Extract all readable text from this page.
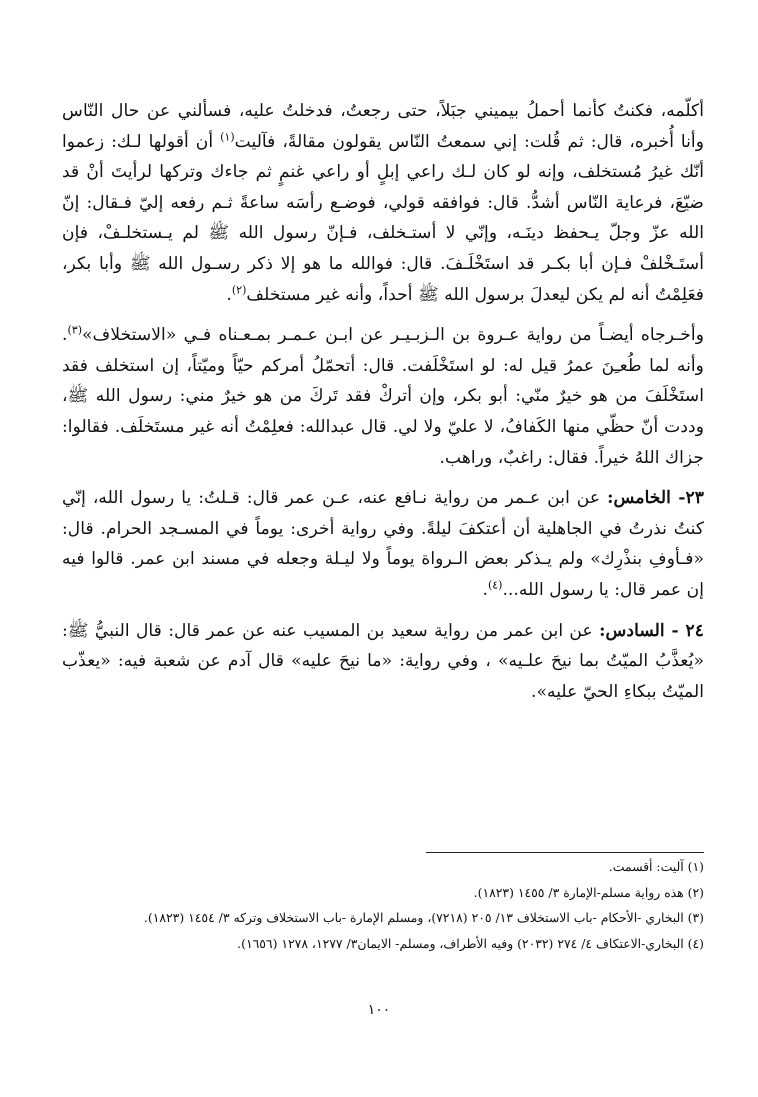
أكلّمه، فكنتُ كأنما أحملُ بيميني جبَلاً، حتى رجعتُ، فدخلتُ عليه، فسألني عن حال النّاس وأنا أُخبره، قال: ثم قُلت: إني سمعتُ النّاس يقولون مقالةً، فآليت$^{(١)}$ أن أقولها لـك: زعموا أنّك غيرُ مُستخلف، وإنه لو كان لـك راعي إبلٍ أو راعي غنمٍ ثم جاءك وتركها لرأيتَ أنْ قد ضيّعَ، فرعاية النّاس أشدُّ. قال: فوافقه قولي، فوضـع رأسَه ساعةً ثـم رفعه إليّ فـقال: إنّ الله عزّ وجلّ يـحفظ دينَـه، وإنّي لا أستـخلف، فـإنّ رسول الله ﷺ لم يـستخلـفْ، فإن أستَـخْلفْ فـإن أبا بكـر قد استَخْلَـفَ. قال: فوالله ما هو إلا ذكر رسـول الله ﷺ وأبا بكر، فعَلِمْتُ أنه لم يكن ليعدلَ برسول الله ﷺ أحداً، وأنه غير مستخلف$^{(٢)}$.

وأخـرجاه أيضـاً من رواية عـروة بن الـزبـيـر عن ابـن عـمـر بمـعـناه فـي «الاستخلاف»$^{(٣)}$. وأنه لما طُعـِنَ عمرُ قيل له: لو استَخْلَفت. قال: أتحمّلُ أمركم حيّاً وميّتاً، إن استخلف فقد استَخْلَفَ من هو خيرٌ منّي: أبو بكر، وإن أتركْ فقد تَركَ من هو خيرٌ مني: رسول الله ﷺ، وددت أنّ حظّي منها الكَفافُ، لا عليّ ولا لي. قال عبدالله: فعلِمْتُ أنه غير مستَخلَف. فقالوا: جزاك اللهُ خيراً. فقال: راغبٌ، وراهب.

٢٣- الخامس: عن ابن عـمر من رواية نـافع عنه، عـن عمر قال: قـلتُ: يا رسول الله، إنّي كنتُ نذرتُ في الجاهلية أن أعتكفَ ليلةً. وفي رواية أخرى: يوماً في المسـجد الحرام. قال: «فـأوفِ بنذْرِك» ولم يـذكر بعض الـرواة يوماً ولا ليـلة وجعله في مسند ابن عمر. قالوا فيه إن عمر قال: يا رسول الله...$^{(٤)}$.

٢٤ - السادس: عن ابن عمر من رواية سعيد بن المسيب عنه عن عمر قال: قال النبيُّ ﷺ: «يُعذَّبُ الميّتُ بما نيحَ علـيه» ، وفي رواية: «ما نيحَ عليه» قال آدم عن شعبة فيه: «يعذّب الميّتُ ببكاءِ الحيّ عليه».

(١) آليت: أقسمت.

(٢) هذه رواية مسلم-الإمارة ٣/ ١٤٥٥ (١٨٢٣).

(٣) البخاري -الأحكام -باب الاستخلاف ١٣/ ٢٠٥ (٧٢١٨)، ومسلم الإمارة -باب الاستخلاف وتركه ٣/ ١٤٥٤ (١٨٢٣).

(٤) البخاري-الاعتكاف ٤/ ٢٧٤ (٢٠٣٢) وفيه الأطراف، ومسلم- الايمان٣/ ١٢٧٧، ١٢٧٨ (١٦٥٦).

١٠٠
